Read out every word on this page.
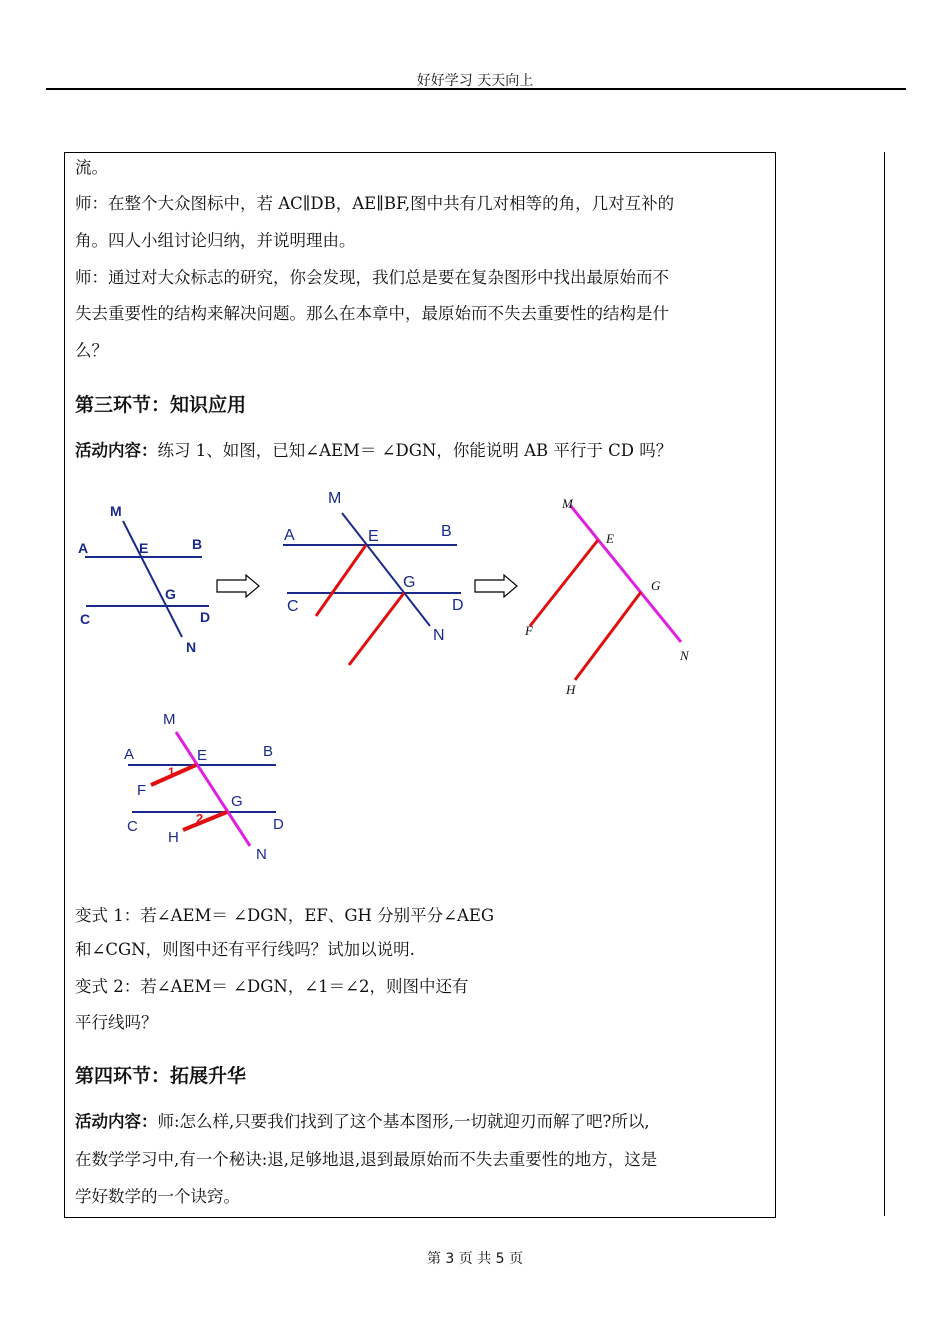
好好学习 天天向上
流。
师：在整个大众图标中，若 AC∥DB，AE∥BF,图中共有几对相等的角，几对互补的
角。四人小组讨论归纳，并说明理由。
师：通过对大众标志的研究，你会发现，我们总是要在复杂图形中找出最原始而不
失去重要性的结构来解决问题。那么在本章中，最原始而不失去重要性的结构是什
么？
第三环节：知识应用
活动内容：练习 1、如图，已知∠AEM＝ ∠DGN，你能说明 AB 平行于 CD 吗？
M
A	E	B
G
C	D
N
M
A	E	B
G
C	D
N
M
E
G
F
N
H
M
A	E	B
F
1
G
C	2
H
D
N
变式 1：若∠AEM＝ ∠DGN，EF、GH 分别平分∠AEG
和∠CGN，则图中还有平行线吗？试加以说明.
变式 2：若∠AEM＝ ∠DGN，∠1＝∠2，则图中还有
平行线吗？
第四环节：拓展升华
活动内容：师:怎么样,只要我们找到了这个基本图形,一切就迎刃而解了吧?所以,
在数学学习中,有一个秘诀:退,足够地退,退到最原始而不失去重要性的地方，这是
学好数学的一个诀窍。
第 3 页 共 5 页
